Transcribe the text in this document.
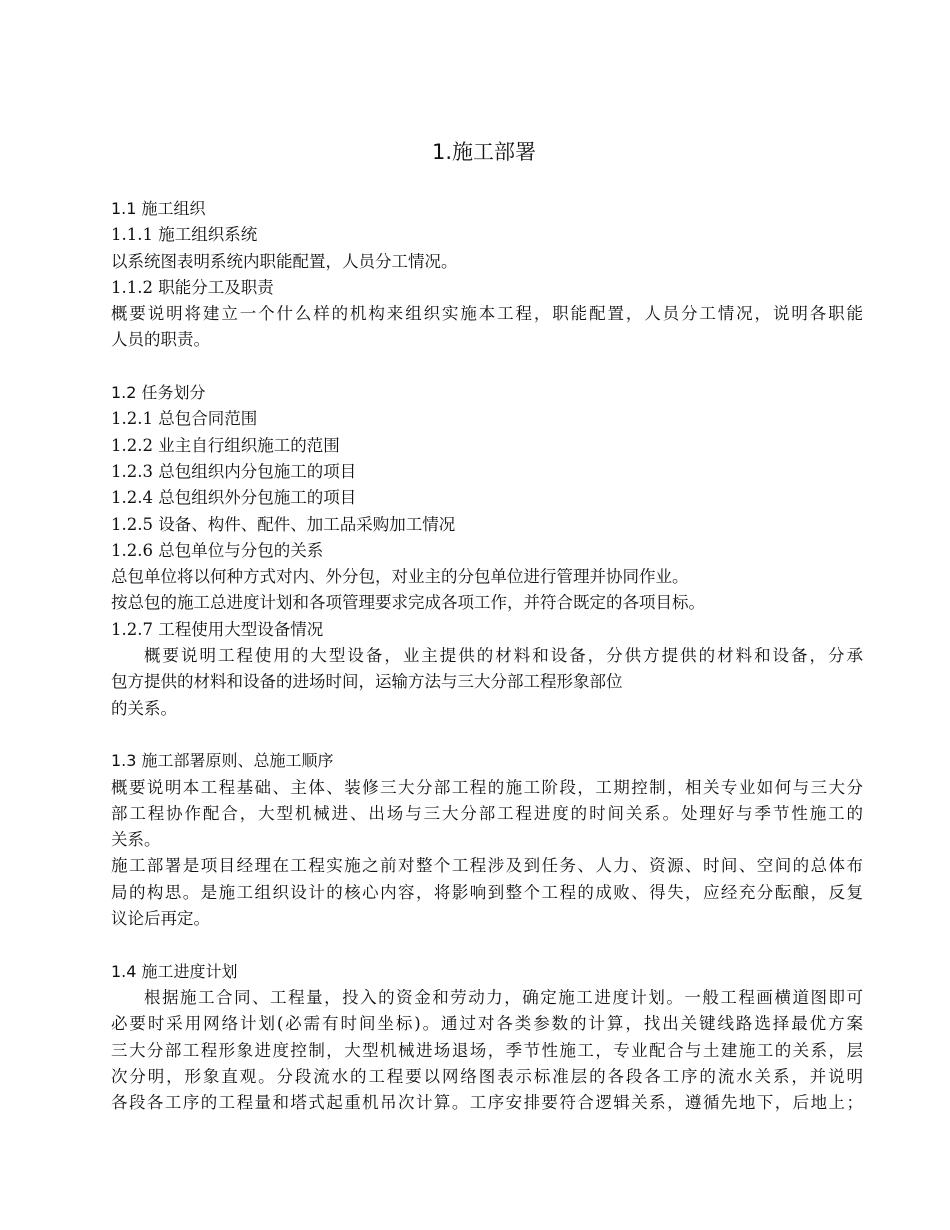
1.施工部署
1.1 施工组织
1.1.1 施工组织系统
以系统图表明系统内职能配置，人员分工情况。
1.1.2 职能分工及职责
概要说明将建立一个什么样的机构来组织实施本工程，职能配置，人员分工情况，说明各职能
人员的职责。
1.2 任务划分
1.2.1 总包合同范围
1.2.2 业主自行组织施工的范围
1.2.3 总包组织内分包施工的项目
1.2.4 总包组织外分包施工的项目
1.2.5 设备、构件、配件、加工品采购加工情况
1.2.6 总包单位与分包的关系
总包单位将以何种方式对内、外分包，对业主的分包单位进行管理并协同作业。
按总包的施工总进度计划和各项管理要求完成各项工作，并符合既定的各项目标。
1.2.7 工程使用大型设备情况
概要说明工程使用的大型设备，业主提供的材料和设备，分供方提供的材料和设备，分承
包方提供的材料和设备的进场时间，运输方法与三大分部工程形象部位
的关系。
1.3 施工部署原则、总施工顺序
概要说明本工程基础、主体、装修三大分部工程的施工阶段，工期控制，相关专业如何与三大分
部工程协作配合，大型机械进、出场与三大分部工程进度的时间关系。处理好与季节性施工的
关系。
施工部署是项目经理在工程实施之前对整个工程涉及到任务、人力、资源、时间、空间的总体布
局的构思。是施工组织设计的核心内容，将影响到整个工程的成败、得失，应经充分酝酿，反复
议论后再定。
1.4 施工进度计划
根据施工合同、工程量，投入的资金和劳动力，确定施工进度计划。一般工程画横道图即可
必要时采用网络计划(必需有时间坐标)。通过对各类参数的计算，找出关键线路选择最优方案
三大分部工程形象进度控制，大型机械进场退场，季节性施工，专业配合与土建施工的关系，层
次分明，形象直观。分段流水的工程要以网络图表示标准层的各段各工序的流水关系，并说明
各段各工序的工程量和塔式起重机吊次计算。工序安排要符合逻辑关系，遵循先地下，后地上；
